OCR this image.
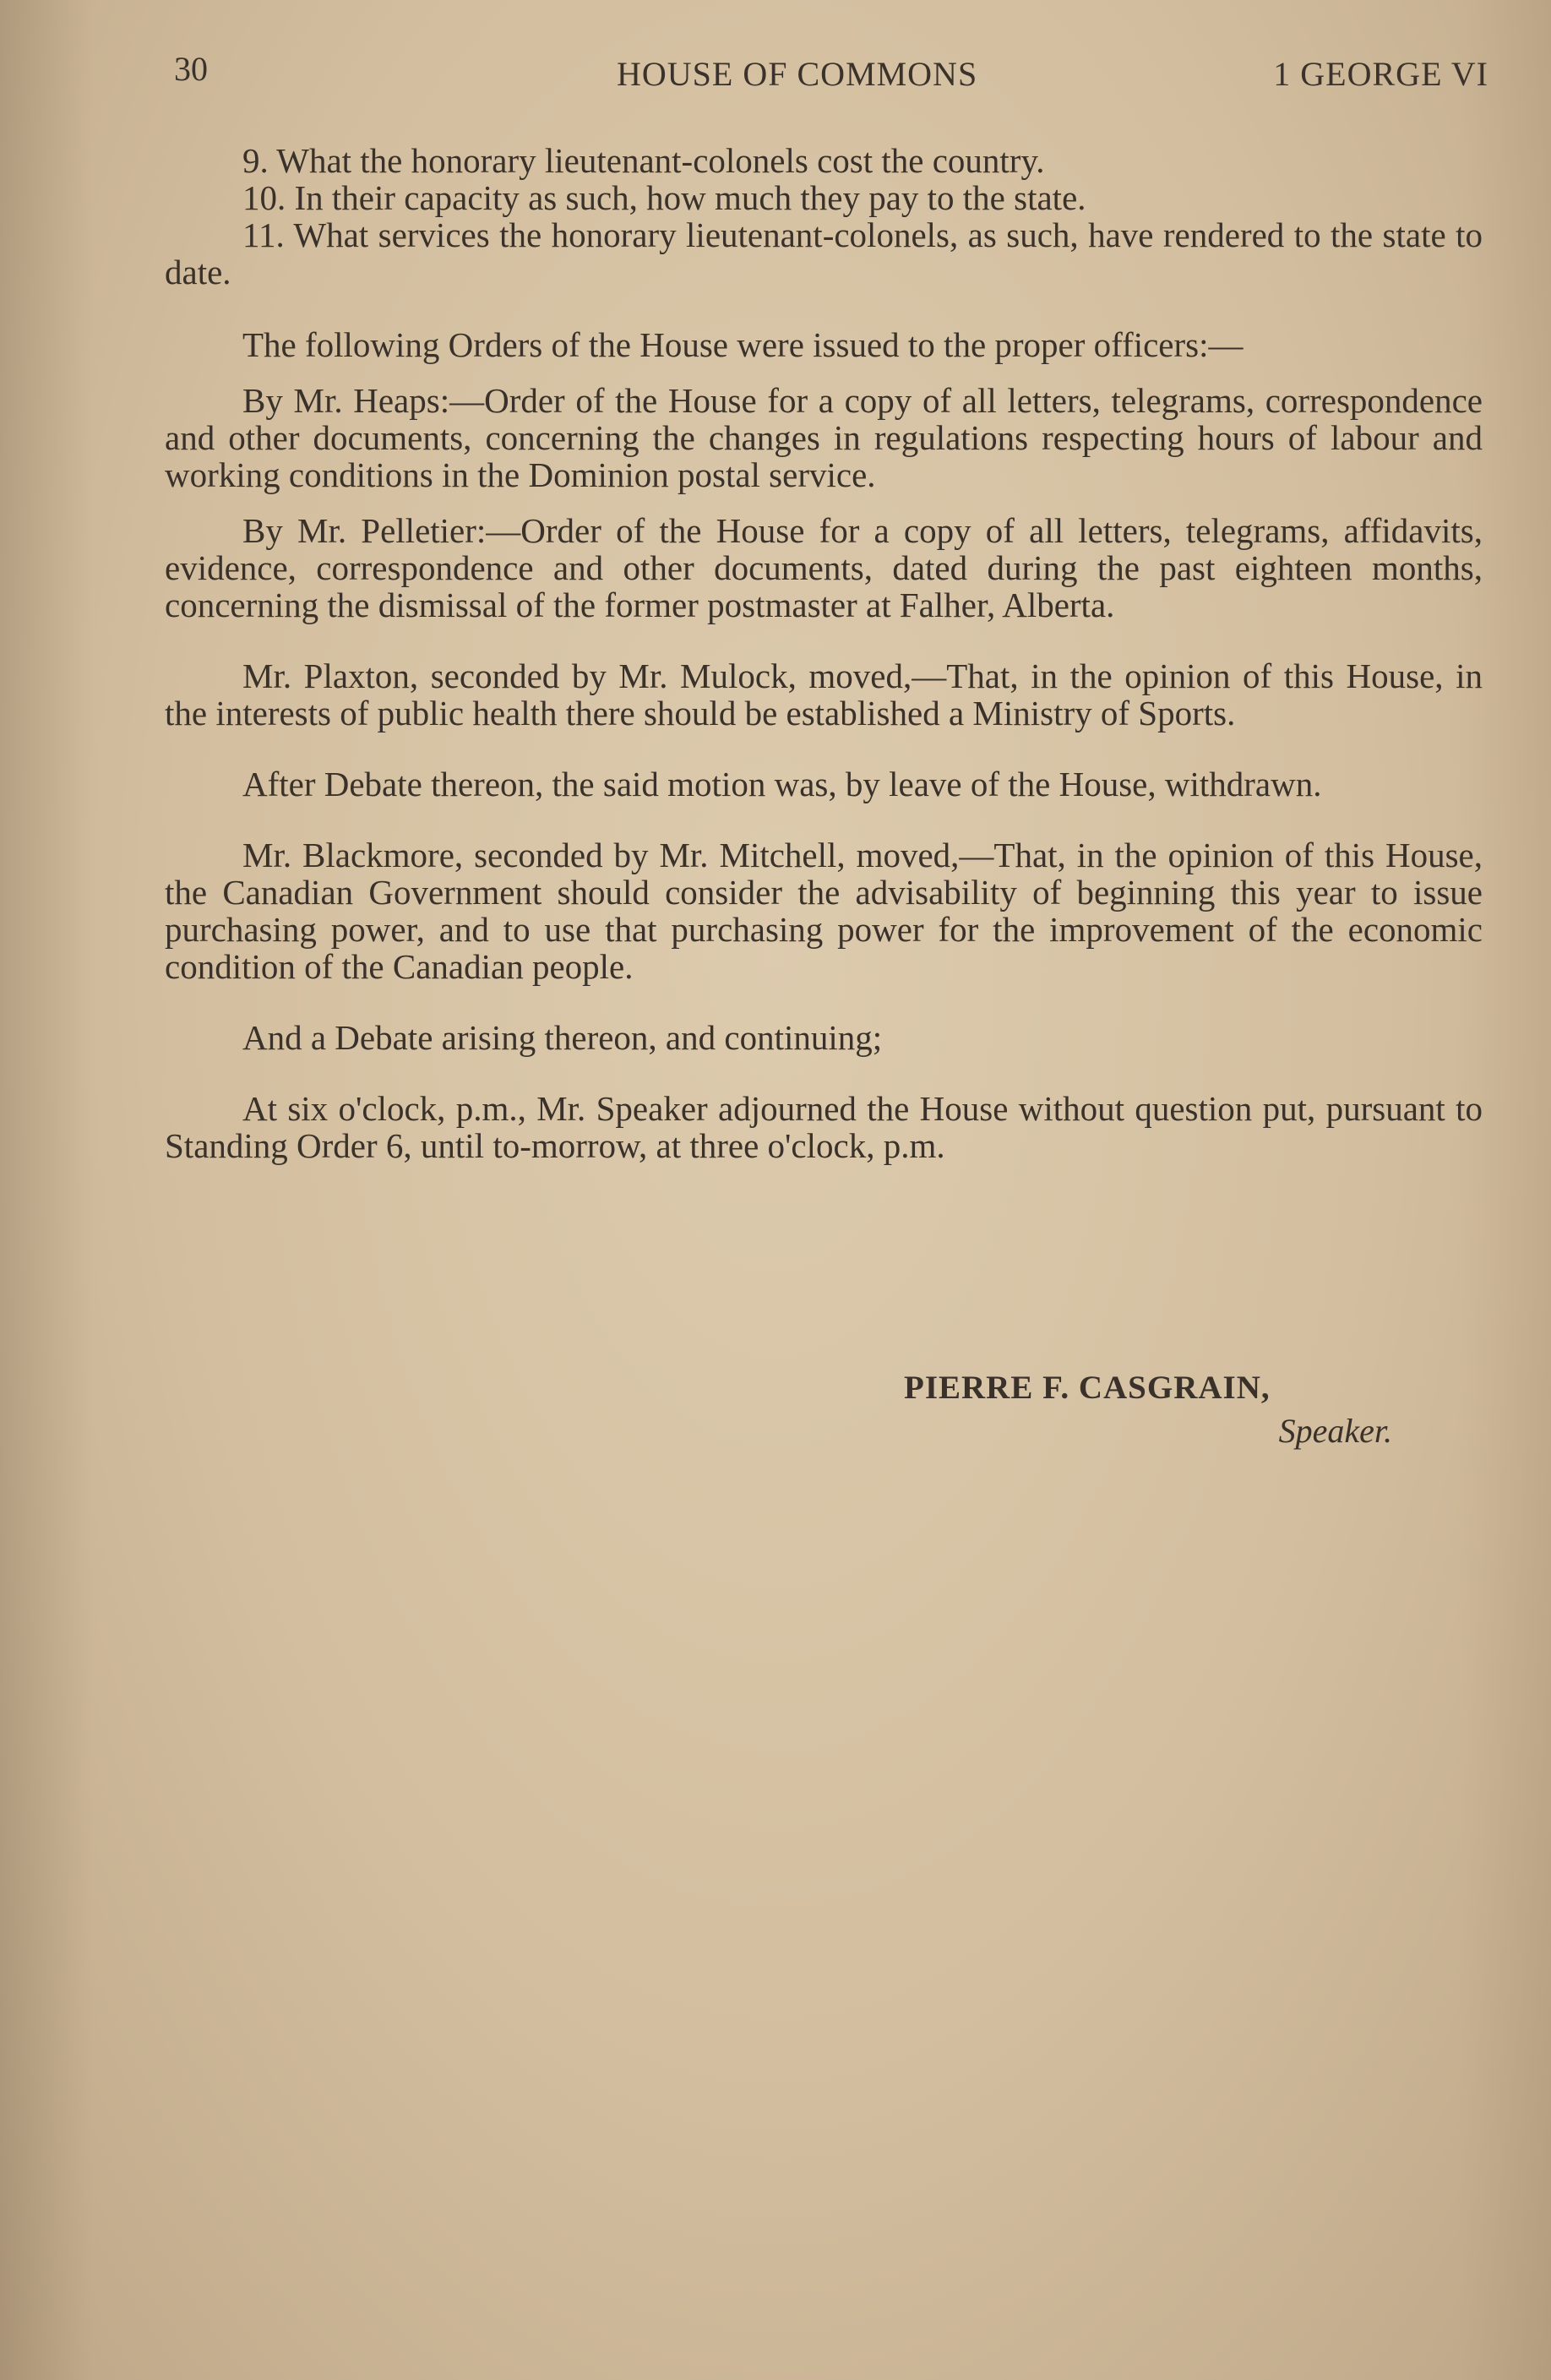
30	HOUSE OF COMMONS	1 GEORGE VI

9. What the honorary lieutenant-colonels cost the country.

10. In their capacity as such, how much they pay to the state.

11. What services the honorary lieutenant-colonels, as such, have rendered to the state to date.

The following Orders of the House were issued to the proper officers:—

By Mr. Heaps:—Order of the House for a copy of all letters, telegrams, correspondence and other documents, concerning the changes in regulations respecting hours of labour and working conditions in the Dominion postal service.

By Mr. Pelletier:—Order of the House for a copy of all letters, telegrams, affidavits, evidence, correspondence and other documents, dated during the past eighteen months, concerning the dismissal of the former postmaster at Falher, Alberta.

Mr. Plaxton, seconded by Mr. Mulock, moved,—That, in the opinion of this House, in the interests of public health there should be established a Ministry of Sports.

After Debate thereon, the said motion was, by leave of the House, withdrawn.

Mr. Blackmore, seconded by Mr. Mitchell, moved,—That, in the opinion of this House, the Canadian Government should consider the advisability of beginning this year to issue purchasing power, and to use that purchasing power for the improvement of the economic condition of the Canadian people.

And a Debate arising thereon, and continuing;

At six o'clock, p.m., Mr. Speaker adjourned the House without question put, pursuant to Standing Order 6, until to-morrow, at three o'clock, p.m.

PIERRE F. CASGRAIN,
Speaker.
